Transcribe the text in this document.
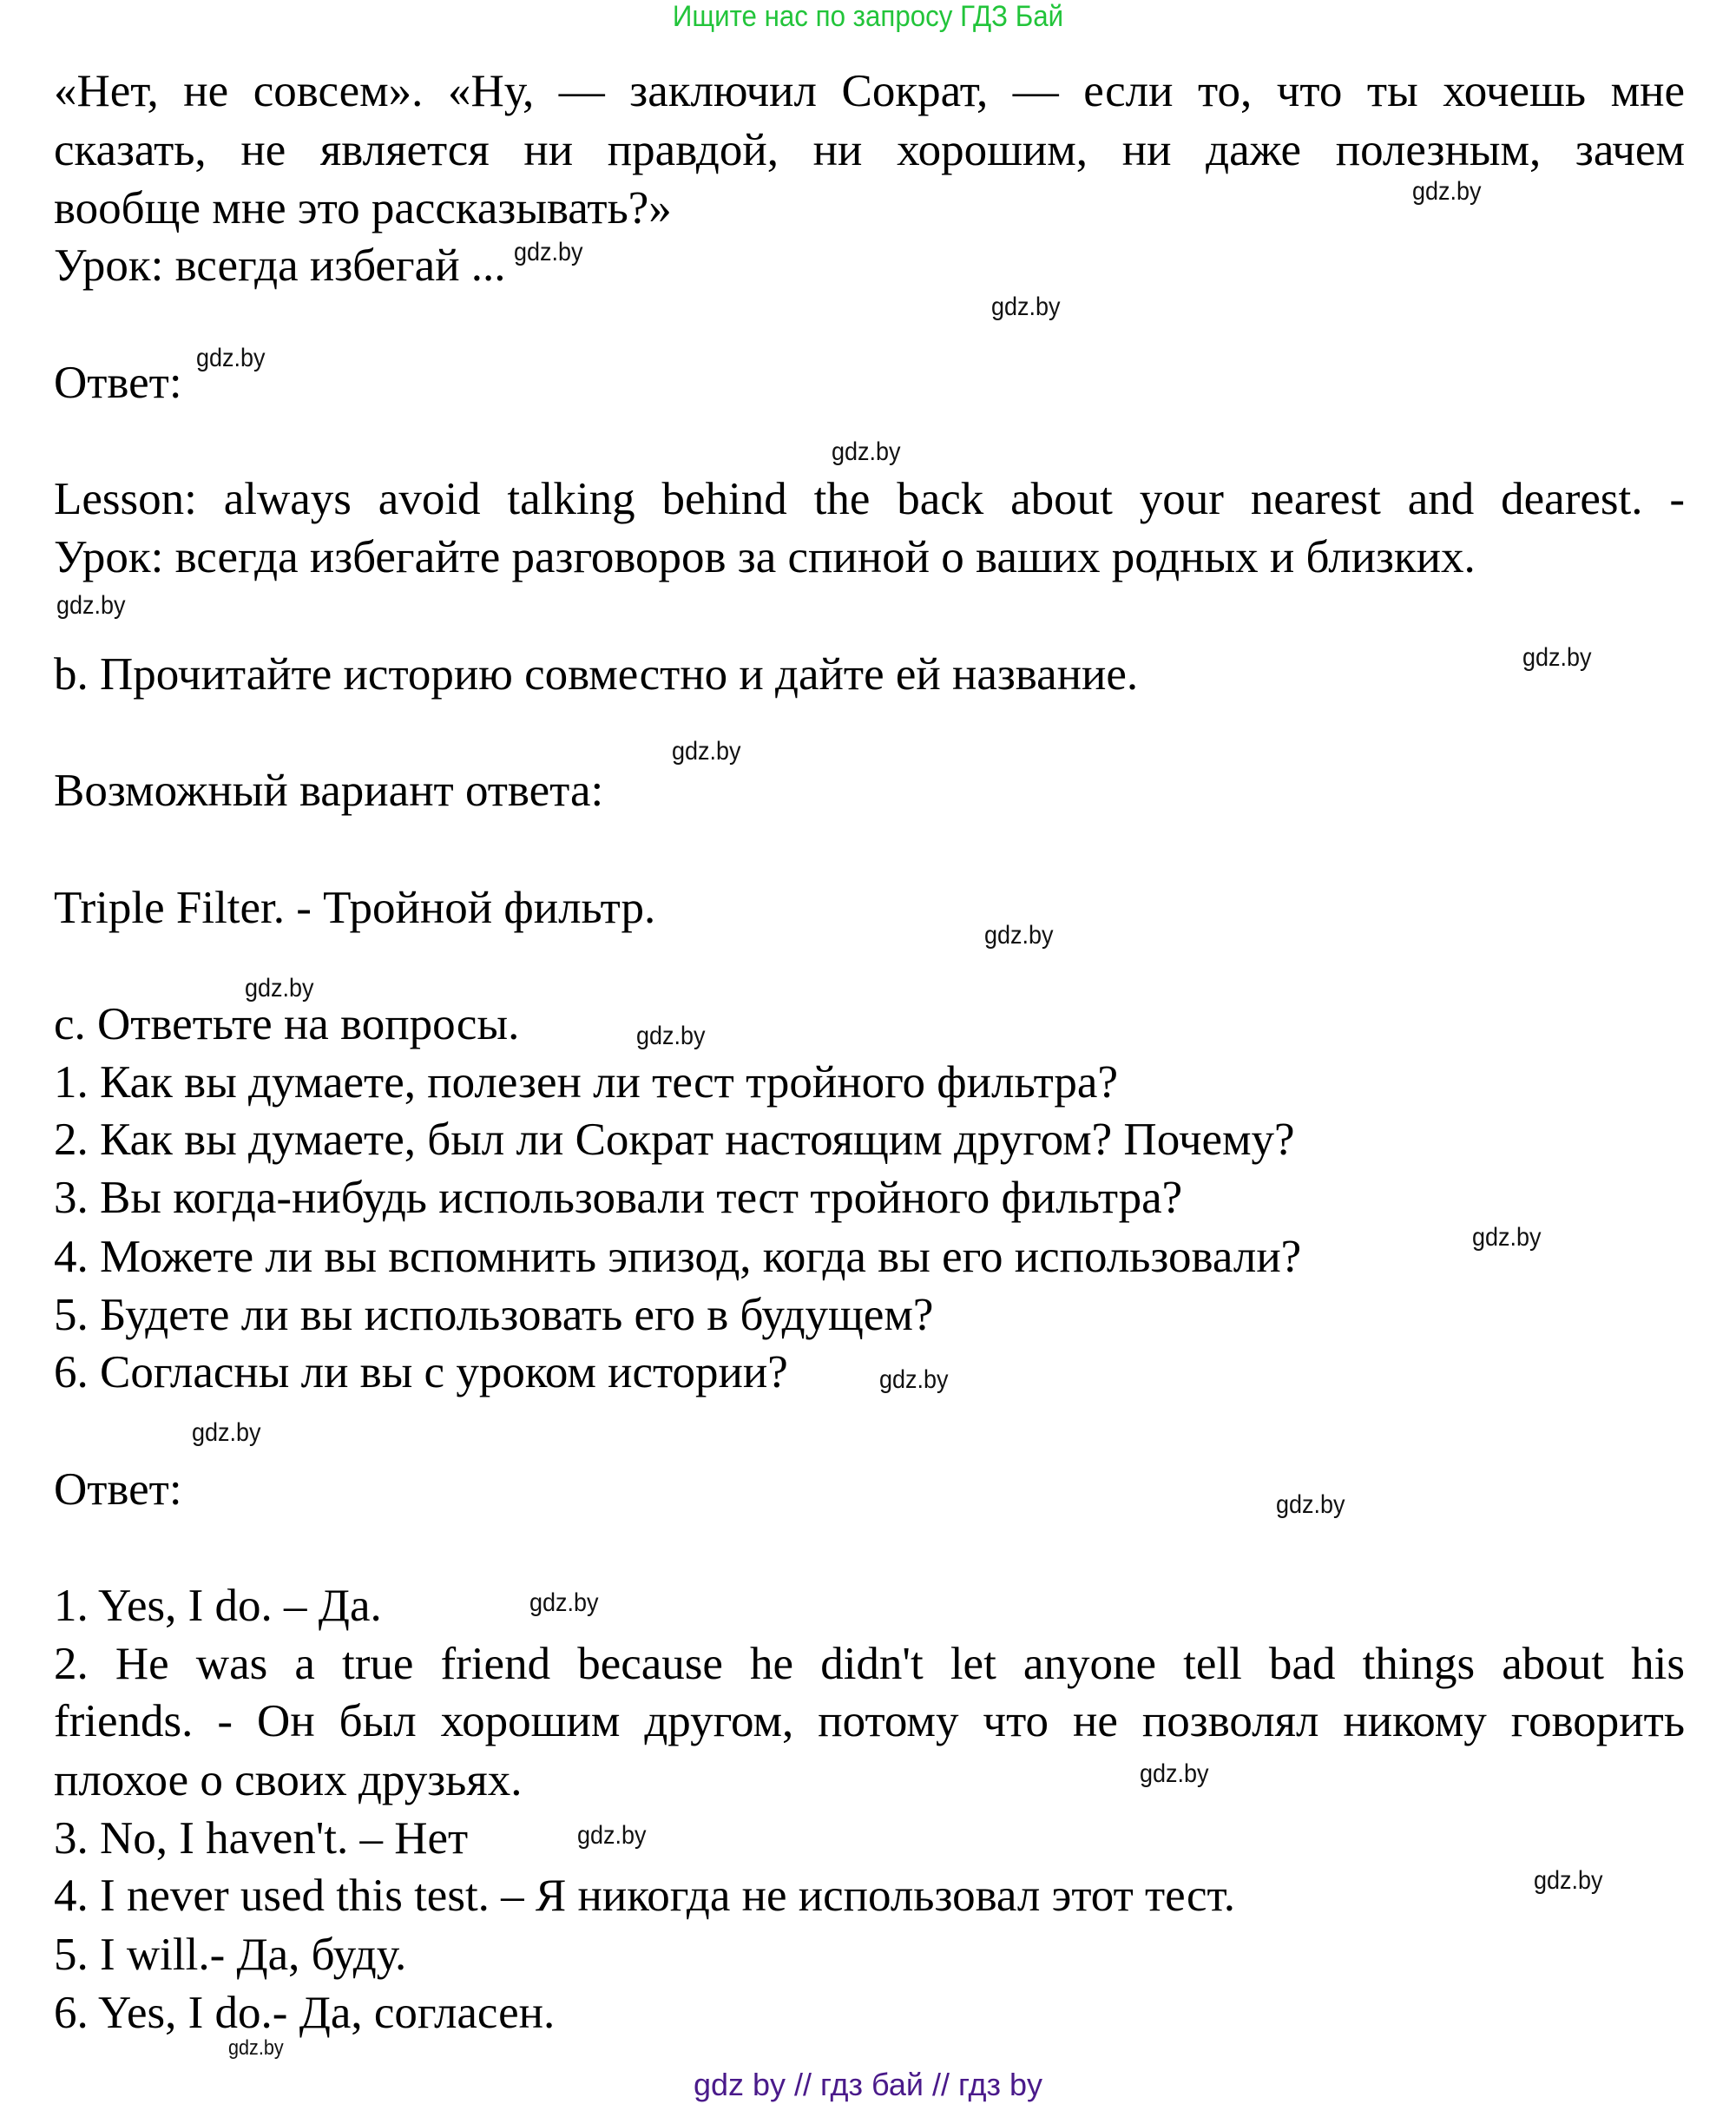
Ищите нас по запросу ГДЗ Бай
«Нет, не совсем». «Ну, — заключил Сократ, — если то, что ты хочешь мне
сказать, не является ни правдой, ни хорошим, ни даже полезным, зачем
вообще мне это рассказывать?»
Урок: всегда избегай ...
Ответ:
Lesson: always avoid talking behind the back about your nearest and dearest. -
Урок: всегда избегайте разговоров за спиной о ваших родных и близких.
b. Прочитайте историю совместно и дайте ей название.
Возможный вариант ответа:
Triple Filter. - Тройной фильтр.
c. Ответьте на вопросы.
1. Как вы думаете, полезен ли тест тройного фильтра?
2. Как вы думаете, был ли Сократ настоящим другом? Почему?
3. Вы когда-нибудь использовали тест тройного фильтра?
4. Можете ли вы вспомнить эпизод, когда вы его использовали?
5. Будете ли вы использовать его в будущем?
6. Согласны ли вы с уроком истории?
Ответ:
1. Yes, I do. – Да.
2. He was a true friend because he didn't let anyone tell bad things about his
friends. - Он был хорошим другом, потому что не позволял никому говорить
плохое о своих друзьях.
3. No, I haven't. – Нет
4. I never used this test. – Я никогда не использовал этот тест.
5. I will.- Да, буду.
6. Yes, I do.- Да, согласен.
gdz.by
gdz.by
gdz.by
gdz.by
gdz.by
gdz.by
gdz.by
gdz.by
gdz.by
gdz.by
gdz.by
gdz.by
gdz.by
gdz.by
gdz.by
gdz.by
gdz.by
gdz.by
gdz.by
gdz.by
gdz by // гдз бай // гдз by
